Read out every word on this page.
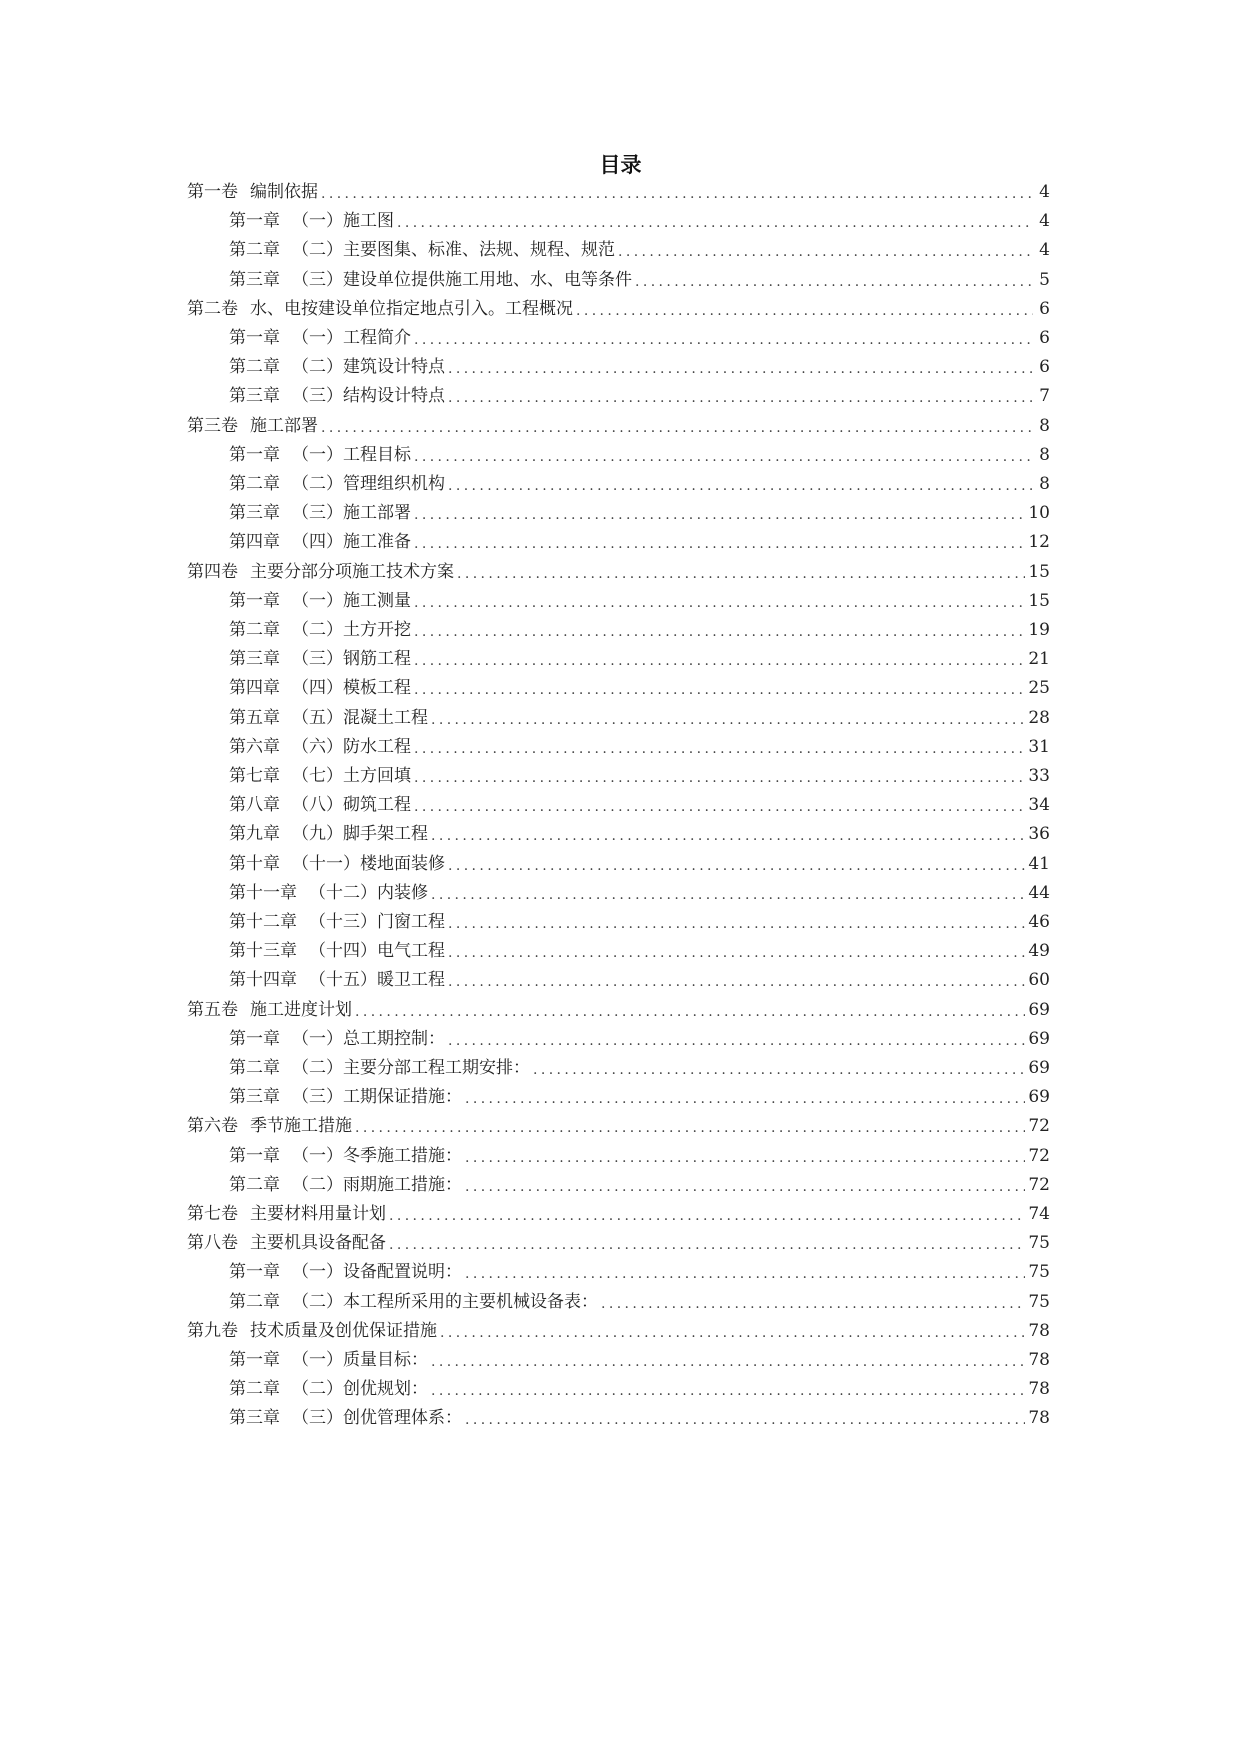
目录
第一卷 编制依据 .....	4
第一章 （一）施工图 .....	4
第二章 （二）主要图集、标准、法规、规程、规范 .....	4
第三章 （三）建设单位提供施工用地、水、电等条件 .....	5
第二卷 水、电按建设单位指定地点引入。工程概况 .....	6
第一章 （一）工程简介 .....	6
第二章 （二）建筑设计特点 .....	6
第三章 （三）结构设计特点 .....	7
第三卷 施工部署 .....	8
第一章 （一）工程目标 .....	8
第二章 （二）管理组织机构 .....	8
第三章 （三）施工部署 .....	10
第四章 （四）施工准备 .....	12
第四卷 主要分部分项施工技术方案 .....	15
第一章 （一）施工测量 .....	15
第二章 （二）土方开挖 .....	19
第三章 （三）钢筋工程 .....	21
第四章 （四）模板工程 .....	25
第五章 （五）混凝土工程 .....	28
第六章 （六）防水工程 .....	31
第七章 （七）土方回填 .....	33
第八章 （八）砌筑工程 .....	34
第九章 （九）脚手架工程 .....	36
第十章 （十一）楼地面装修 .....	41
第十一章 （十二）内装修 .....	44
第十二章 （十三）门窗工程 .....	46
第十三章 （十四）电气工程 .....	49
第十四章 （十五）暖卫工程 .....	60
第五卷 施工进度计划 .....	69
第一章 （一）总工期控制： .....	69
第二章 （二）主要分部工程工期安排： .....	69
第三章 （三）工期保证措施： .....	69
第六卷 季节施工措施 .....	72
第一章 （一）冬季施工措施： .....	72
第二章 （二）雨期施工措施： .....	72
第七卷 主要材料用量计划 .....	74
第八卷 主要机具设备配备 .....	75
第一章 （一）设备配置说明： .....	75
第二章 （二）本工程所采用的主要机械设备表： .....	75
第九卷 技术质量及创优保证措施 .....	78
第一章 （一）质量目标： .....	78
第二章 （二）创优规划： .....	78
第三章 （三）创优管理体系： .....	78
